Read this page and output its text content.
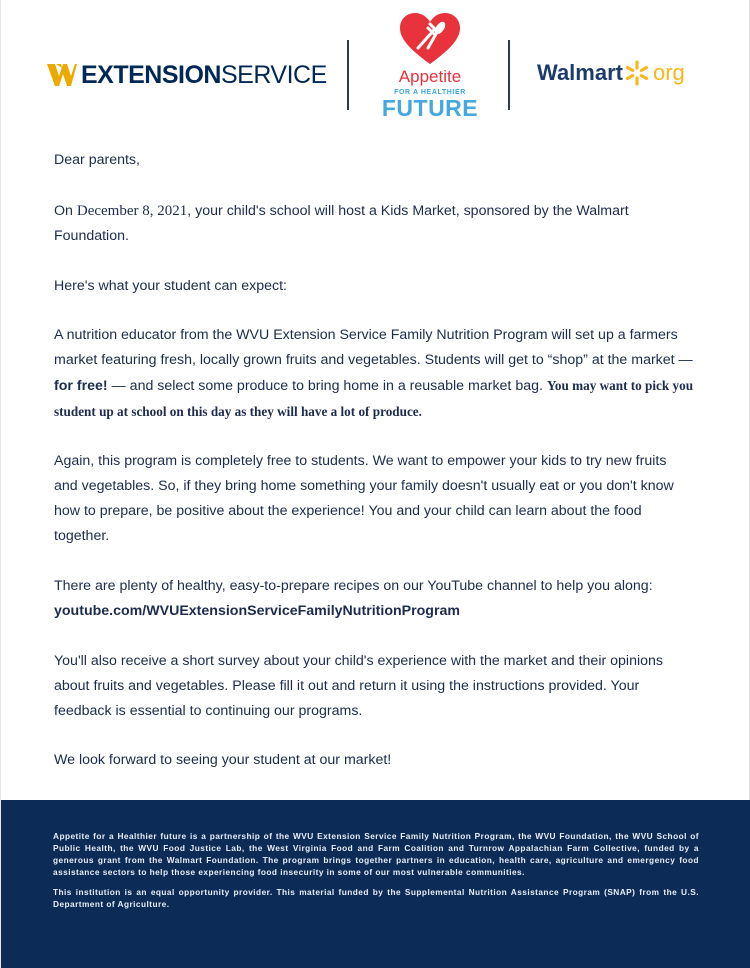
EXTENSIONSERVICE	Appetite
FOR A HEALTHIER
FUTURE
Walmart org

Dear parents,

On December 8, 2021, your child's school will host a Kids Market, sponsored by the Walmart Foundation.

Here's what your student can expect:

A nutrition educator from the WVU Extension Service Family Nutrition Program will set up a farmers market featuring fresh, locally grown fruits and vegetables. Students will get to “shop” at the market — for free! — and select some produce to bring home in a reusable market bag. You may want to pick you student up at school on this day as they will have a lot of produce.

Again, this program is completely free to students. We want to empower your kids to try new fruits and vegetables. So, if they bring home something your family doesn't usually eat or you don't know how to prepare, be positive about the experience! You and your child can learn about the food together.

There are plenty of healthy, easy-to-prepare recipes on our YouTube channel to help you along: youtube.com/WVUExtensionServiceFamilyNutritionProgram

You'll also receive a short survey about your child's experience with the market and their opinions about fruits and vegetables. Please fill it out and return it using the instructions provided. Your feedback is essential to continuing our programs.

We look forward to seeing your student at our market!

Appetite for a Healthier future is a partnership of the WVU Extension Service Family Nutrition Program, the WVU Foundation, the WVU School of Public Health, the WVU Food Justice Lab, the West Virginia Food and Farm Coalition and Turnrow Appalachian Farm Collective, funded by a generous grant from the Walmart Foundation. The program brings together partners in education, health care, agriculture and emergency food assistance sectors to help those experiencing food insecurity in some of our most vulnerable communities.

This institution is an equal opportunity provider. This material funded by the Supplemental Nutrition Assistance Program (SNAP) from the U.S. Department of Agriculture.
